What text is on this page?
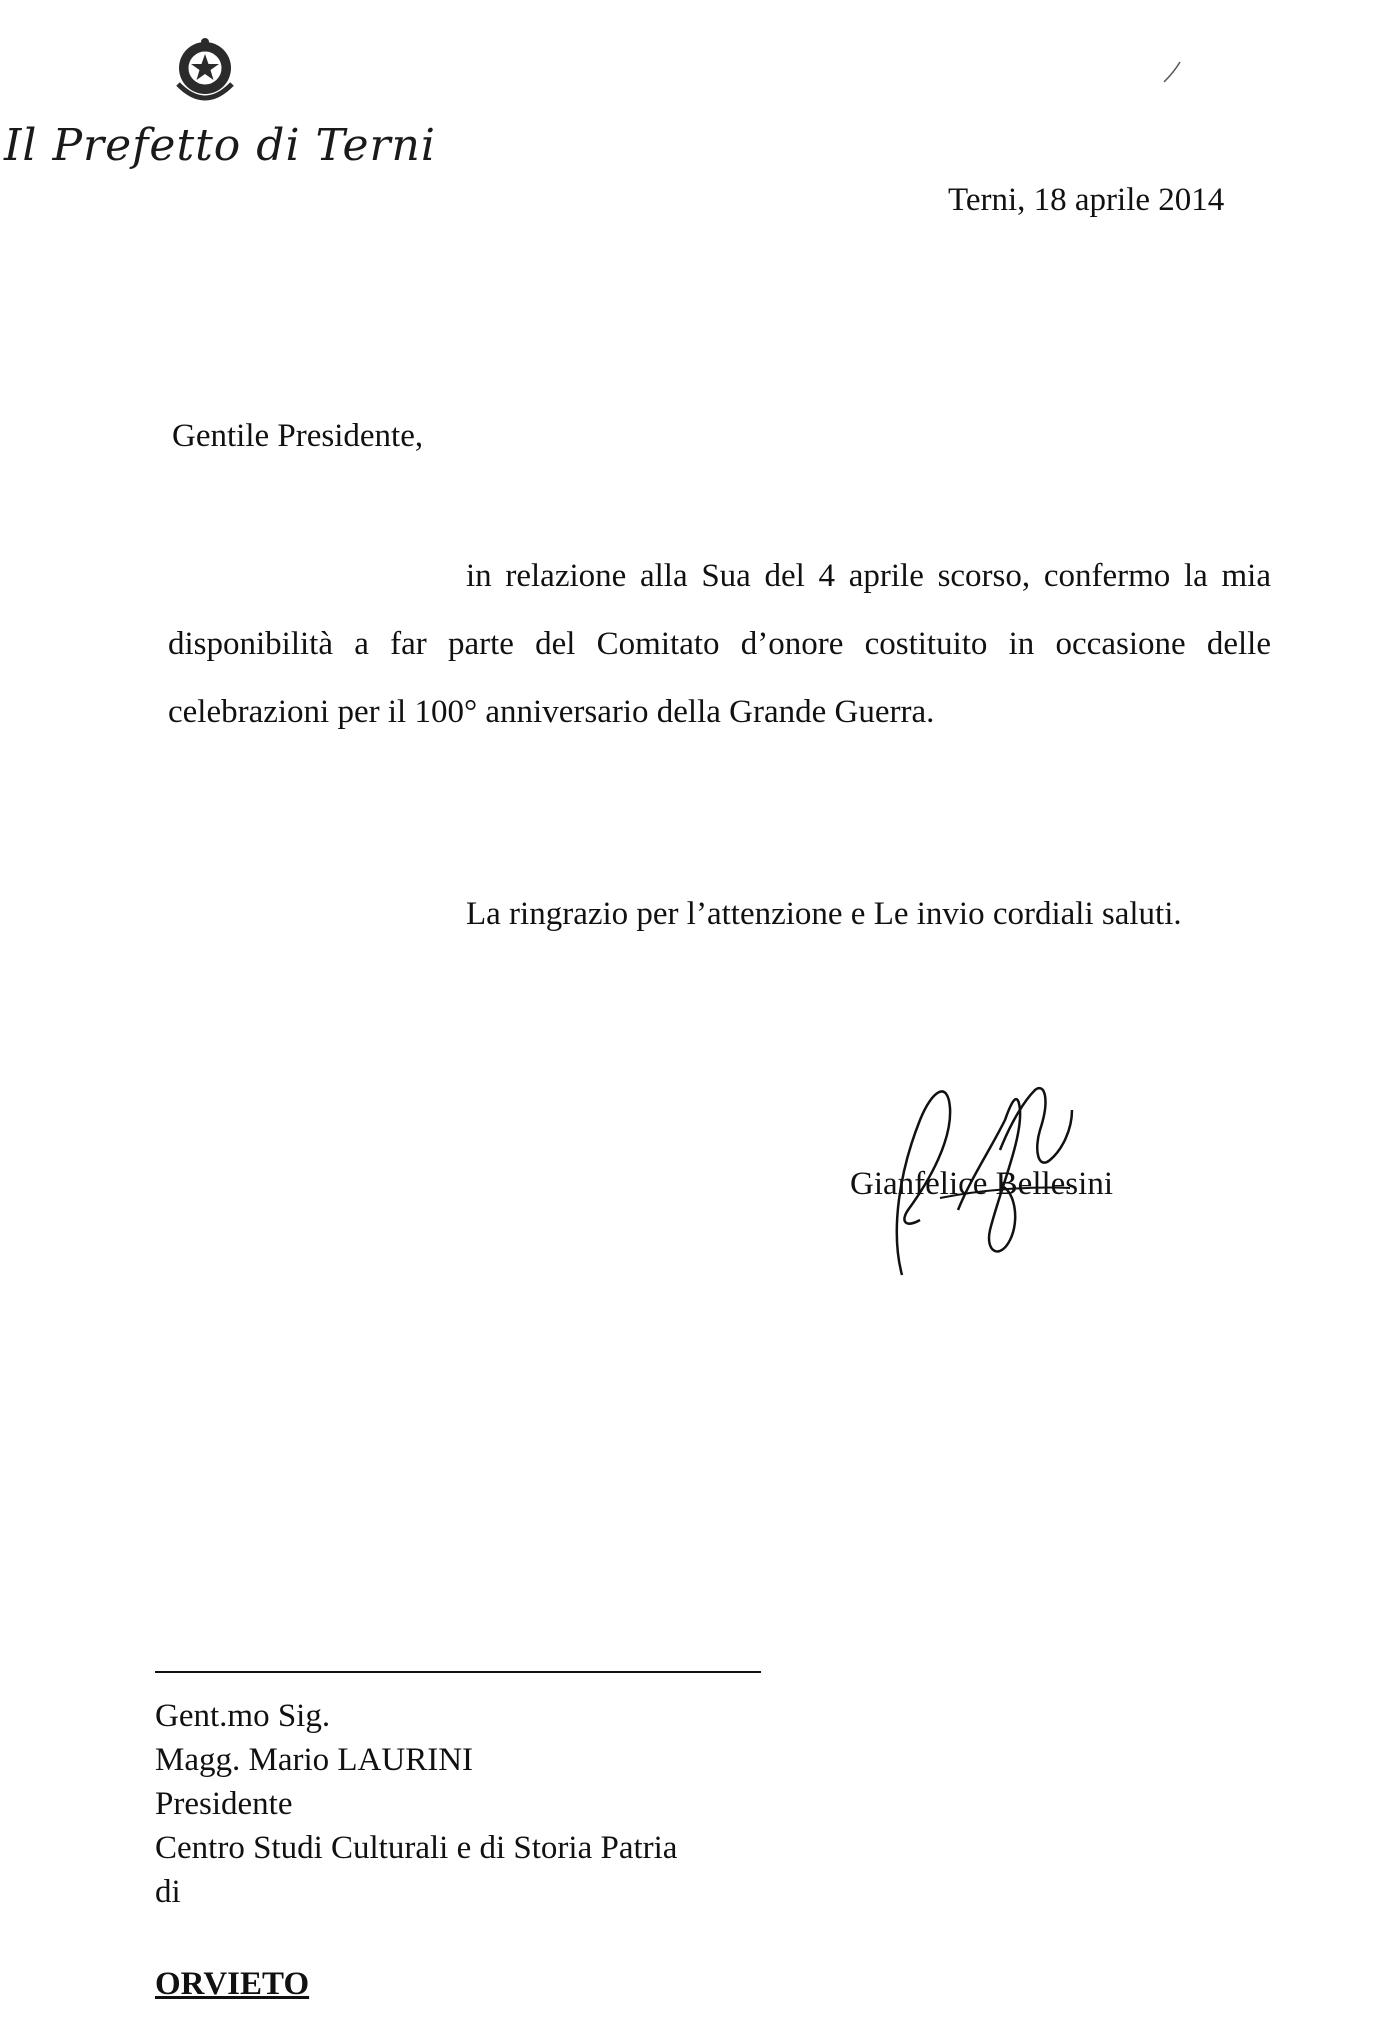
Il Prefetto di Terni
Terni, 18 aprile 2014
Gentile Presidente,

in relazione alla Sua del 4 aprile scorso, confermo la mia disponibilità a far parte del Comitato d’onore costituito in occasione delle celebrazioni per il 100° anniversario della Grande Guerra.

La ringrazio per l’attenzione e Le invio cordiali saluti.

Gianfelice Bellesini
Gent.mo Sig.
Magg. Mario LAURINI
Presidente
Centro Studi Culturali e di Storia Patria
di
ORVIETO
